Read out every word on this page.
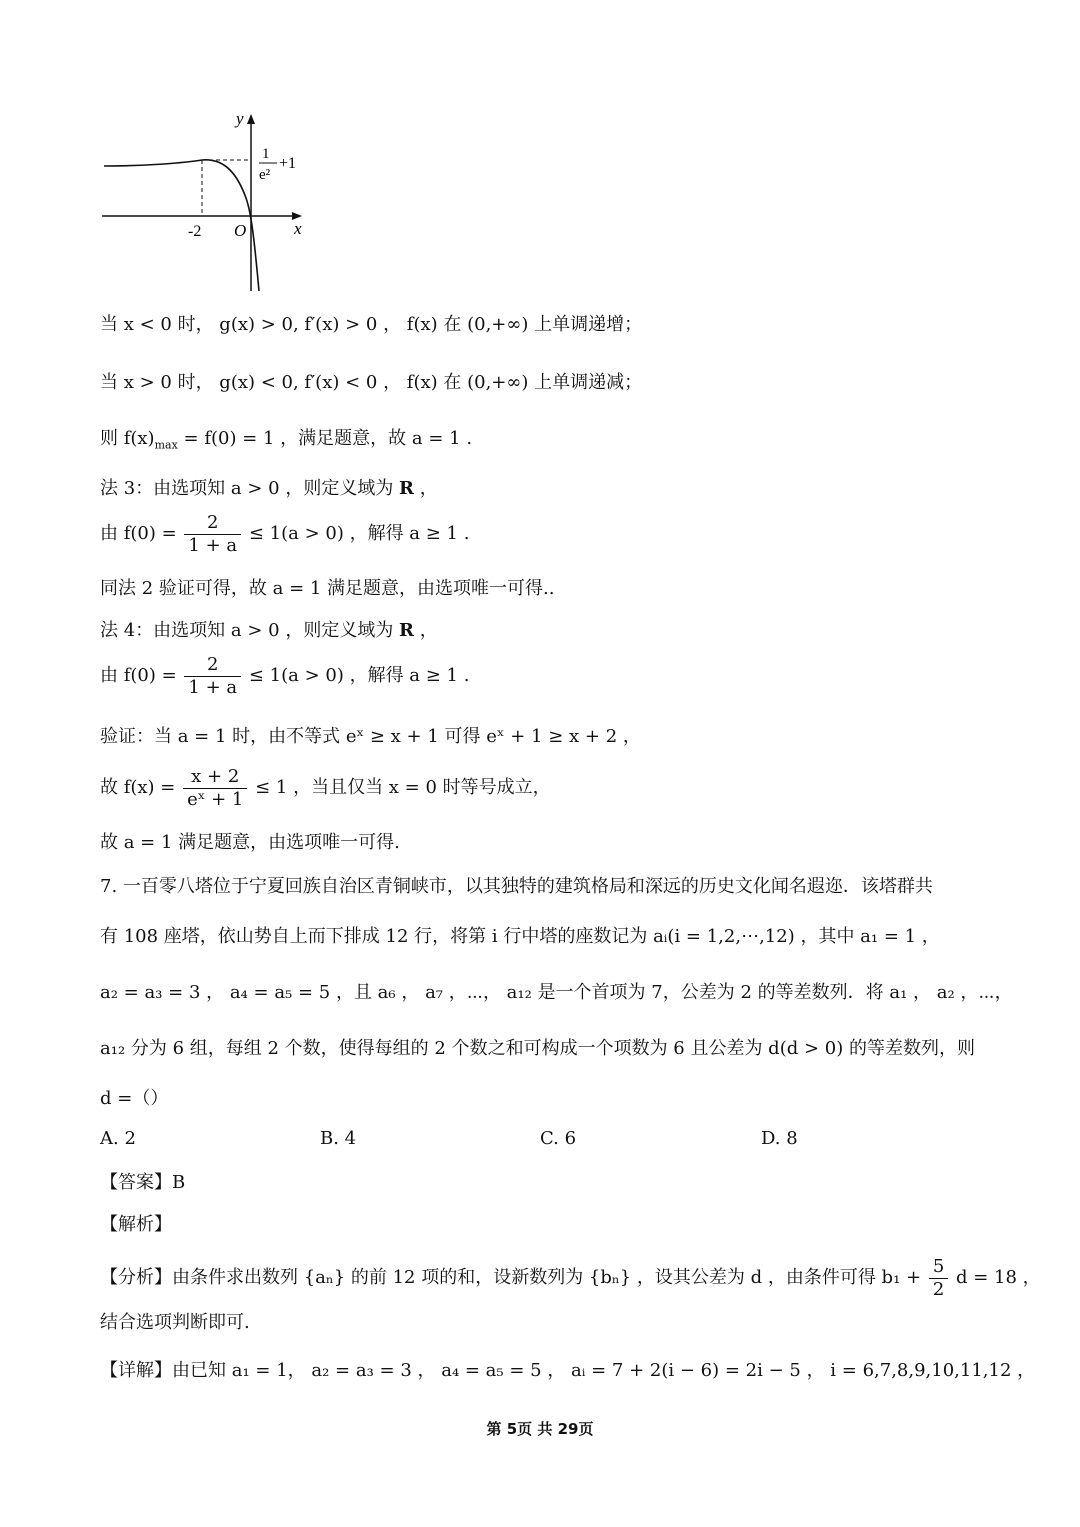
y
x
O
-2
1
e²
+1
当 x < 0 时， g(x) > 0, f′(x) > 0 ， f(x) 在 (0,+∞) 上单调递增；
当 x > 0 时， g(x) < 0, f′(x) < 0 ， f(x) 在 (0,+∞) 上单调递减；
则 $f(x)_{max} = f(0) = 1$ ，满足题意，故 a = 1 .
法 3：由选项知 a > 0 ，则定义域为 R ，
由 $f(0) = \frac{2}{1 + a} \le 1(a > 0)$ ，解得 a ≥ 1 .
同法 2 验证可得，故 a = 1 满足题意，由选项唯一可得..
法 4：由选项知 a > 0 ，则定义域为 R ，
由 $f(0) = \frac{2}{1 + a} \le 1(a > 0)$ ，解得 a ≥ 1 .
验证：当 a = 1 时，由不等式 eˣ ≥ x + 1 可得 eˣ + 1 ≥ x + 2 ，
故 $f(x) = \frac{x + 2}{\text{eˣ + 1}} \le 1$ ，当且仅当 x = 0 时等号成立，
故 a = 1 满足题意，由选项唯一可得.
7. 一百零八塔位于宁夏回族自治区青铜峡市，以其独特的建筑格局和深远的历史文化闻名遐迩．该塔群共
有 108 座塔，依山势自上而下排成 12 行，将第 i 行中塔的座数记为 aᵢ(i = 1,2,⋯,12) ，其中 a₁ = 1 ，
a₂ = a₃ = 3 ， a₄ = a₅ = 5 ，且 a₆ ， a₇ ，⋯， a₁₂ 是一个首项为 7，公差为 2 的等差数列．将 a₁ ， a₂ ，⋯，
a₁₂ 分为 6 组，每组 2 个数，使得每组的 2 个数之和可构成一个项数为 6 且公差为 d(d > 0) 的等差数列，则
d =（）
A. 2	B. 4	C. 6	D. 8
【答案】B
【解析】
【分析】由条件求出数列 {aₙ} 的前 12 项的和，设新数列为 {bₙ} ，设其公差为 d ，由条件可得 $b_1 + \frac{5}{2}$ d = 18 ，
结合选项判断即可.
【详解】由已知 a₁ = 1， a₂ = a₃ = 3 ， a₄ = a₅ = 5 ， aᵢ = 7 + 2(i − 6) = 2i − 5 ， i = 6,7,8,9,10,11,12 ，
第 5页 共 29页
